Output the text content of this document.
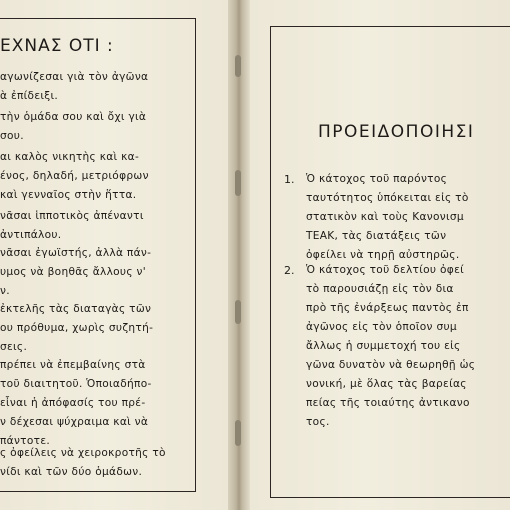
ΕΧΝΑΣ ΟΤΙ :
αγωνίζεσαι γιὰ τὸν ἀγῶνα
ὰ ἐπίδειξι.
τὴν ὁμάδα σου καὶ ὄχι γιὰ
σου.
αι καλὸς νικητὴς καὶ κα-
ένος, δηλαδή, μετριόφρων
καὶ γενναῖος στὴν ἥττα.
νᾶσαι ἱπποτικὸς ἀπέναντι
ἀντιπάλου.
νᾶσαι ἐγωϊστής, ἀλλὰ πάν-
υμος νὰ βοηθᾶς ἄλλους ν'
ν.
ἐκτελῆς τὰς διαταγὰς τῶν
ου πρόθυμα, χωρὶς συζητή-
σεις.
πρέπει νὰ ἐπεμβαίνης στὰ
τοῦ διαιτητοῦ. Ὁποιαδήπο-
εἶναι ἡ ἀπόφασίς του πρέ-
ν δέχεσαι ψύχραιμα καὶ νὰ
πάντοτε.
ς ὀφείλεις νὰ χειροκροτῆς τὸ
νίδι καὶ τῶν δύο ὁμάδων.
ΠΡΟΕΙΔΟΠΟΙΗΣΙ
1. Ὁ κάτοχος τοῦ παρόντος
ταυτότητος ὑπόκειται εἰς τὸ
στατικὸν καὶ τοὺς Κανονισμ
ΤΕΑΚ, τὰς διατάξεις τῶν
ὀφείλει νὰ τηρῇ αὐστηρῶς.
2. Ὁ κάτοχος τοῦ δελτίου ὀφεί
τὸ παρουσιάζῃ εἰς τὸν δια
πρὸ τῆς ἐνάρξεως παντὸς ἐπ
ἀγῶνος εἰς τὸν ὁποῖον συμ
ἄλλως ἡ συμμετοχή του εἰς
γῶνα δυνατὸν νὰ θεωρηθῇ ὡς
νονική, μὲ ὅλας τὰς βαρείας
πείας τῆς τοιαύτης ἀντικανο
τος.
